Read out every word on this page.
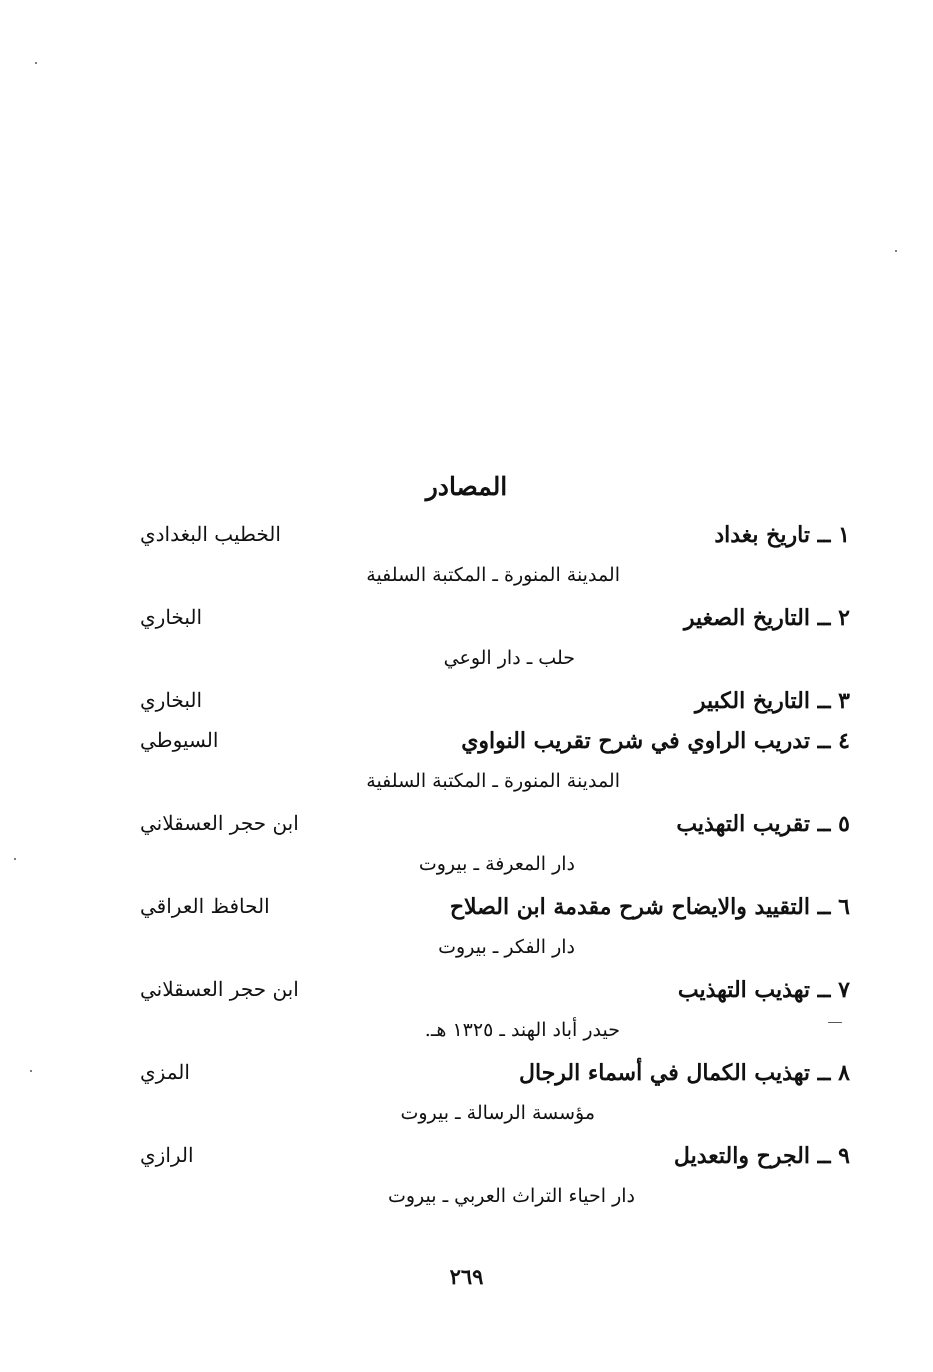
المصادر
١ ــ تاريخ بغداد
الخطيب البغدادي
المدينة المنورة ـ المكتبة السلفية
٢ ــ التاريخ الصغير
البخاري
حلب ـ دار الوعي
٣ ــ التاريخ الكبير
البخاري
٤ ــ تدريب الراوي في شرح تقريب النواوي
السيوطي
المدينة المنورة ـ المكتبة السلفية
٥ ــ تقريب التهذيب
ابن حجر العسقلاني
دار المعرفة ـ بيروت
٦ ــ التقييد والايضاح شرح مقدمة ابن الصلاح
الحافظ العراقي
دار الفكر ـ بيروت
٧ ــ تهذيب التهذيب
ابن حجر العسقلاني
حيدر أباد الهند ـ ١٣٢٥ هـ.
٨ ــ تهذيب الكمال في أسماء الرجال
المزي
مؤسسة الرسالة ـ بيروت
٩ ــ الجرح والتعديل
الرازي
دار احياء التراث العربي ـ بيروت
٢٦٩
